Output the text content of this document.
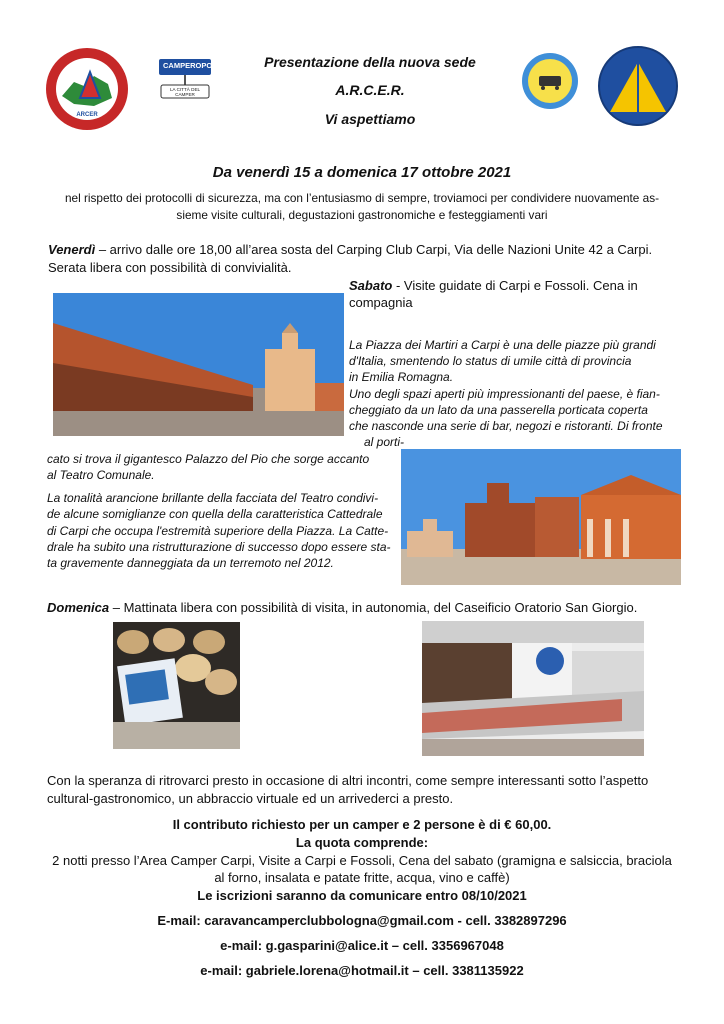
ARCER
CAMPEROPOLI
LA CITTÀ DEL CAMPER
Presentazione della nuova sede
A.R.C.E.R.
Vi aspettiamo
Da venerdì 15 a domenica 17 ottobre 2021
nel rispetto dei protocolli di sicurezza, ma con l’entusiasmo di sempre, troviamoci per condividere nuovamente as-
sieme visite culturali, degustazioni gastronomiche e festeggiamenti vari
Venerdì – arrivo dalle ore 18,00 all’area sosta del Carping Club Carpi, Via delle Nazioni Unite 42 a Carpi.
Serata libera con possibilità di convivialità.
Sabato - Visite guidate di Carpi e Fossoli. Cena in
compagnia
La Piazza dei Martiri a Carpi è una delle piazze più grandi
d'Italia, smentendo lo status di umile città di provincia
in Emilia Romagna.
Uno degli spazi aperti più impressionanti del paese, è fian-
cheggiato da un lato da una passerella porticata coperta
che nasconde una serie di bar, negozi e ristoranti. Di fronte
al porti-
cato si trova il gigantesco Palazzo del Pio che sorge accanto
al Teatro Comunale.
La tonalità arancione brillante della facciata del Teatro condivi-
de alcune somiglianze con quella della caratteristica Cattedrale
di Carpi che occupa l'estremità superiore della Piazza. La Catte-
drale ha subito una ristrutturazione di successo dopo essere sta-
ta gravemente danneggiata da un terremoto nel 2012.
Domenica – Mattinata libera con possibilità di visita, in autonomia, del Caseificio Oratorio San Giorgio.
Con la speranza di ritrovarci presto in occasione di altri incontri, come sempre interessanti sotto l’aspetto
cultural-gastronomico, un abbraccio virtuale ed un arrivederci a presto.
Il contributo richiesto per un camper e 2 persone è di € 60,00.
La quota comprende:
2 notti presso l’Area Camper Carpi, Visite a Carpi e Fossoli, Cena del sabato (gramigna e salsiccia, braciola
al forno, insalata e patate fritte, acqua, vino e caffè)
Le iscrizioni saranno da comunicare entro 08/10/2021
E-mail: caravancamperclubbologna@gmail.com - cell. 3382897296
e-mail: g.gasparini@alice.it – cell. 3356967048
e-mail: gabriele.lorena@hotmail.it – cell. 3381135922
